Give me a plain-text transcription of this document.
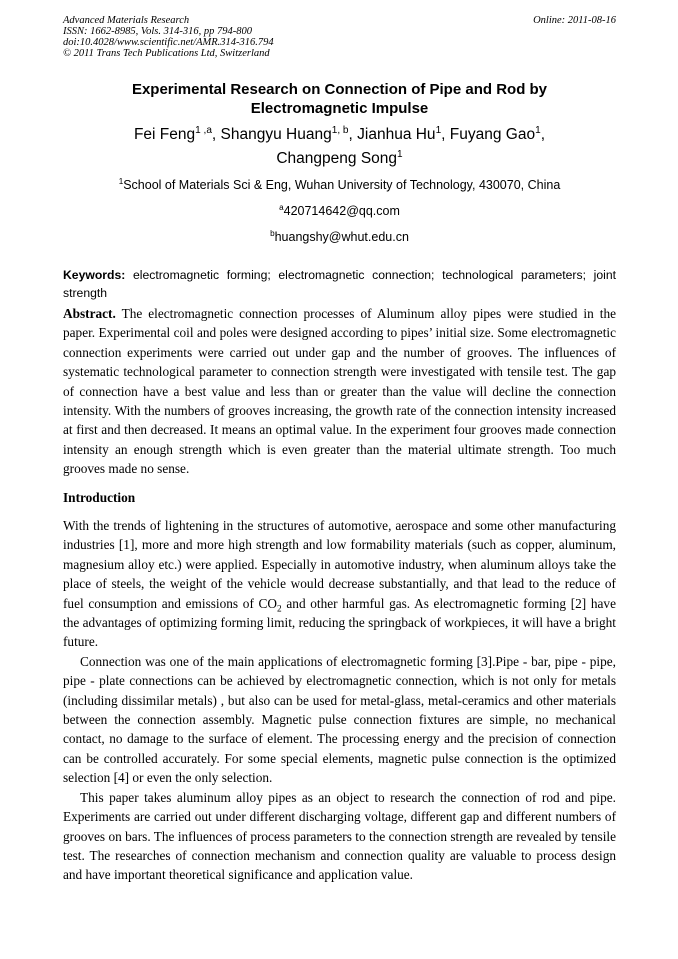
Advanced Materials Research
ISSN: 1662-8985, Vols. 314-316, pp 794-800
doi:10.4028/www.scientific.net/AMR.314-316.794
© 2011 Trans Tech Publications Ltd, Switzerland
Online: 2011-08-16
Experimental Research on Connection of Pipe and Rod by
Electromagnetic Impulse
Fei Feng$^{1 ,a}$, Shangyu Huang$^{1, b}$, Jianhua Hu$^1$, Fuyang Gao$^1$,
Changpeng Song$^1$
$^1$School of Materials Sci & Eng, Wuhan University of Technology, 430070, China
$^a$420714642@qq.com
$^b$huangshy@whut.edu.cn
Keywords: electromagnetic forming; electromagnetic connection; technological parameters; joint strength
Abstract. The electromagnetic connection processes of Aluminum alloy pipes were studied in the paper. Experimental coil and poles were designed according to pipes’ initial size. Some electromagnetic connection experiments were carried out under gap and the number of grooves. The influences of systematic technological parameter to connection strength were investigated with tensile test. The gap of connection have a best value and less than or greater than the value will decline the connection intensity. With the numbers of grooves increasing, the growth rate of the connection intensity increased at first and then decreased. It means an optimal value. In the experiment four grooves made connection intensity an enough strength which is even greater than the material ultimate strength. Too much grooves made no sense.
Introduction

With the trends of lightening in the structures of automotive, aerospace and some other manufacturing industries [1], more and more high strength and low formability materials (such as copper, aluminum, magnesium alloy etc.) were applied. Especially in automotive industry, when aluminum alloys take the place of steels, the weight of the vehicle would decrease substantially, and that lead to the reduce of fuel consumption and emissions of $CO_2$ and other harmful gas. As electromagnetic forming [2] have the advantages of optimizing forming limit, reducing the springback of workpieces, it will have a bright future.

Connection was one of the main applications of electromagnetic forming [3].Pipe - bar, pipe - pipe, pipe - plate connections can be achieved by electromagnetic connection, which is not only for metals (including dissimilar metals) , but also can be used for metal-glass, metal-ceramics and other materials between the connection assembly. Magnetic pulse connection fixtures are simple, no mechanical contact, no damage to the surface of element. The processing energy and the precision of connection can be controlled accurately. For some special elements, magnetic pulse connection is the optimized selection [4] or even the only selection.

This paper takes aluminum alloy pipes as an object to research the connection of rod and pipe. Experiments are carried out under different discharging voltage, different gap and different numbers of grooves on bars. The influences of process parameters to the connection strength are revealed by tensile test. The researches of connection mechanism and connection quality are valuable to process design and have important theoretical significance and application value.
